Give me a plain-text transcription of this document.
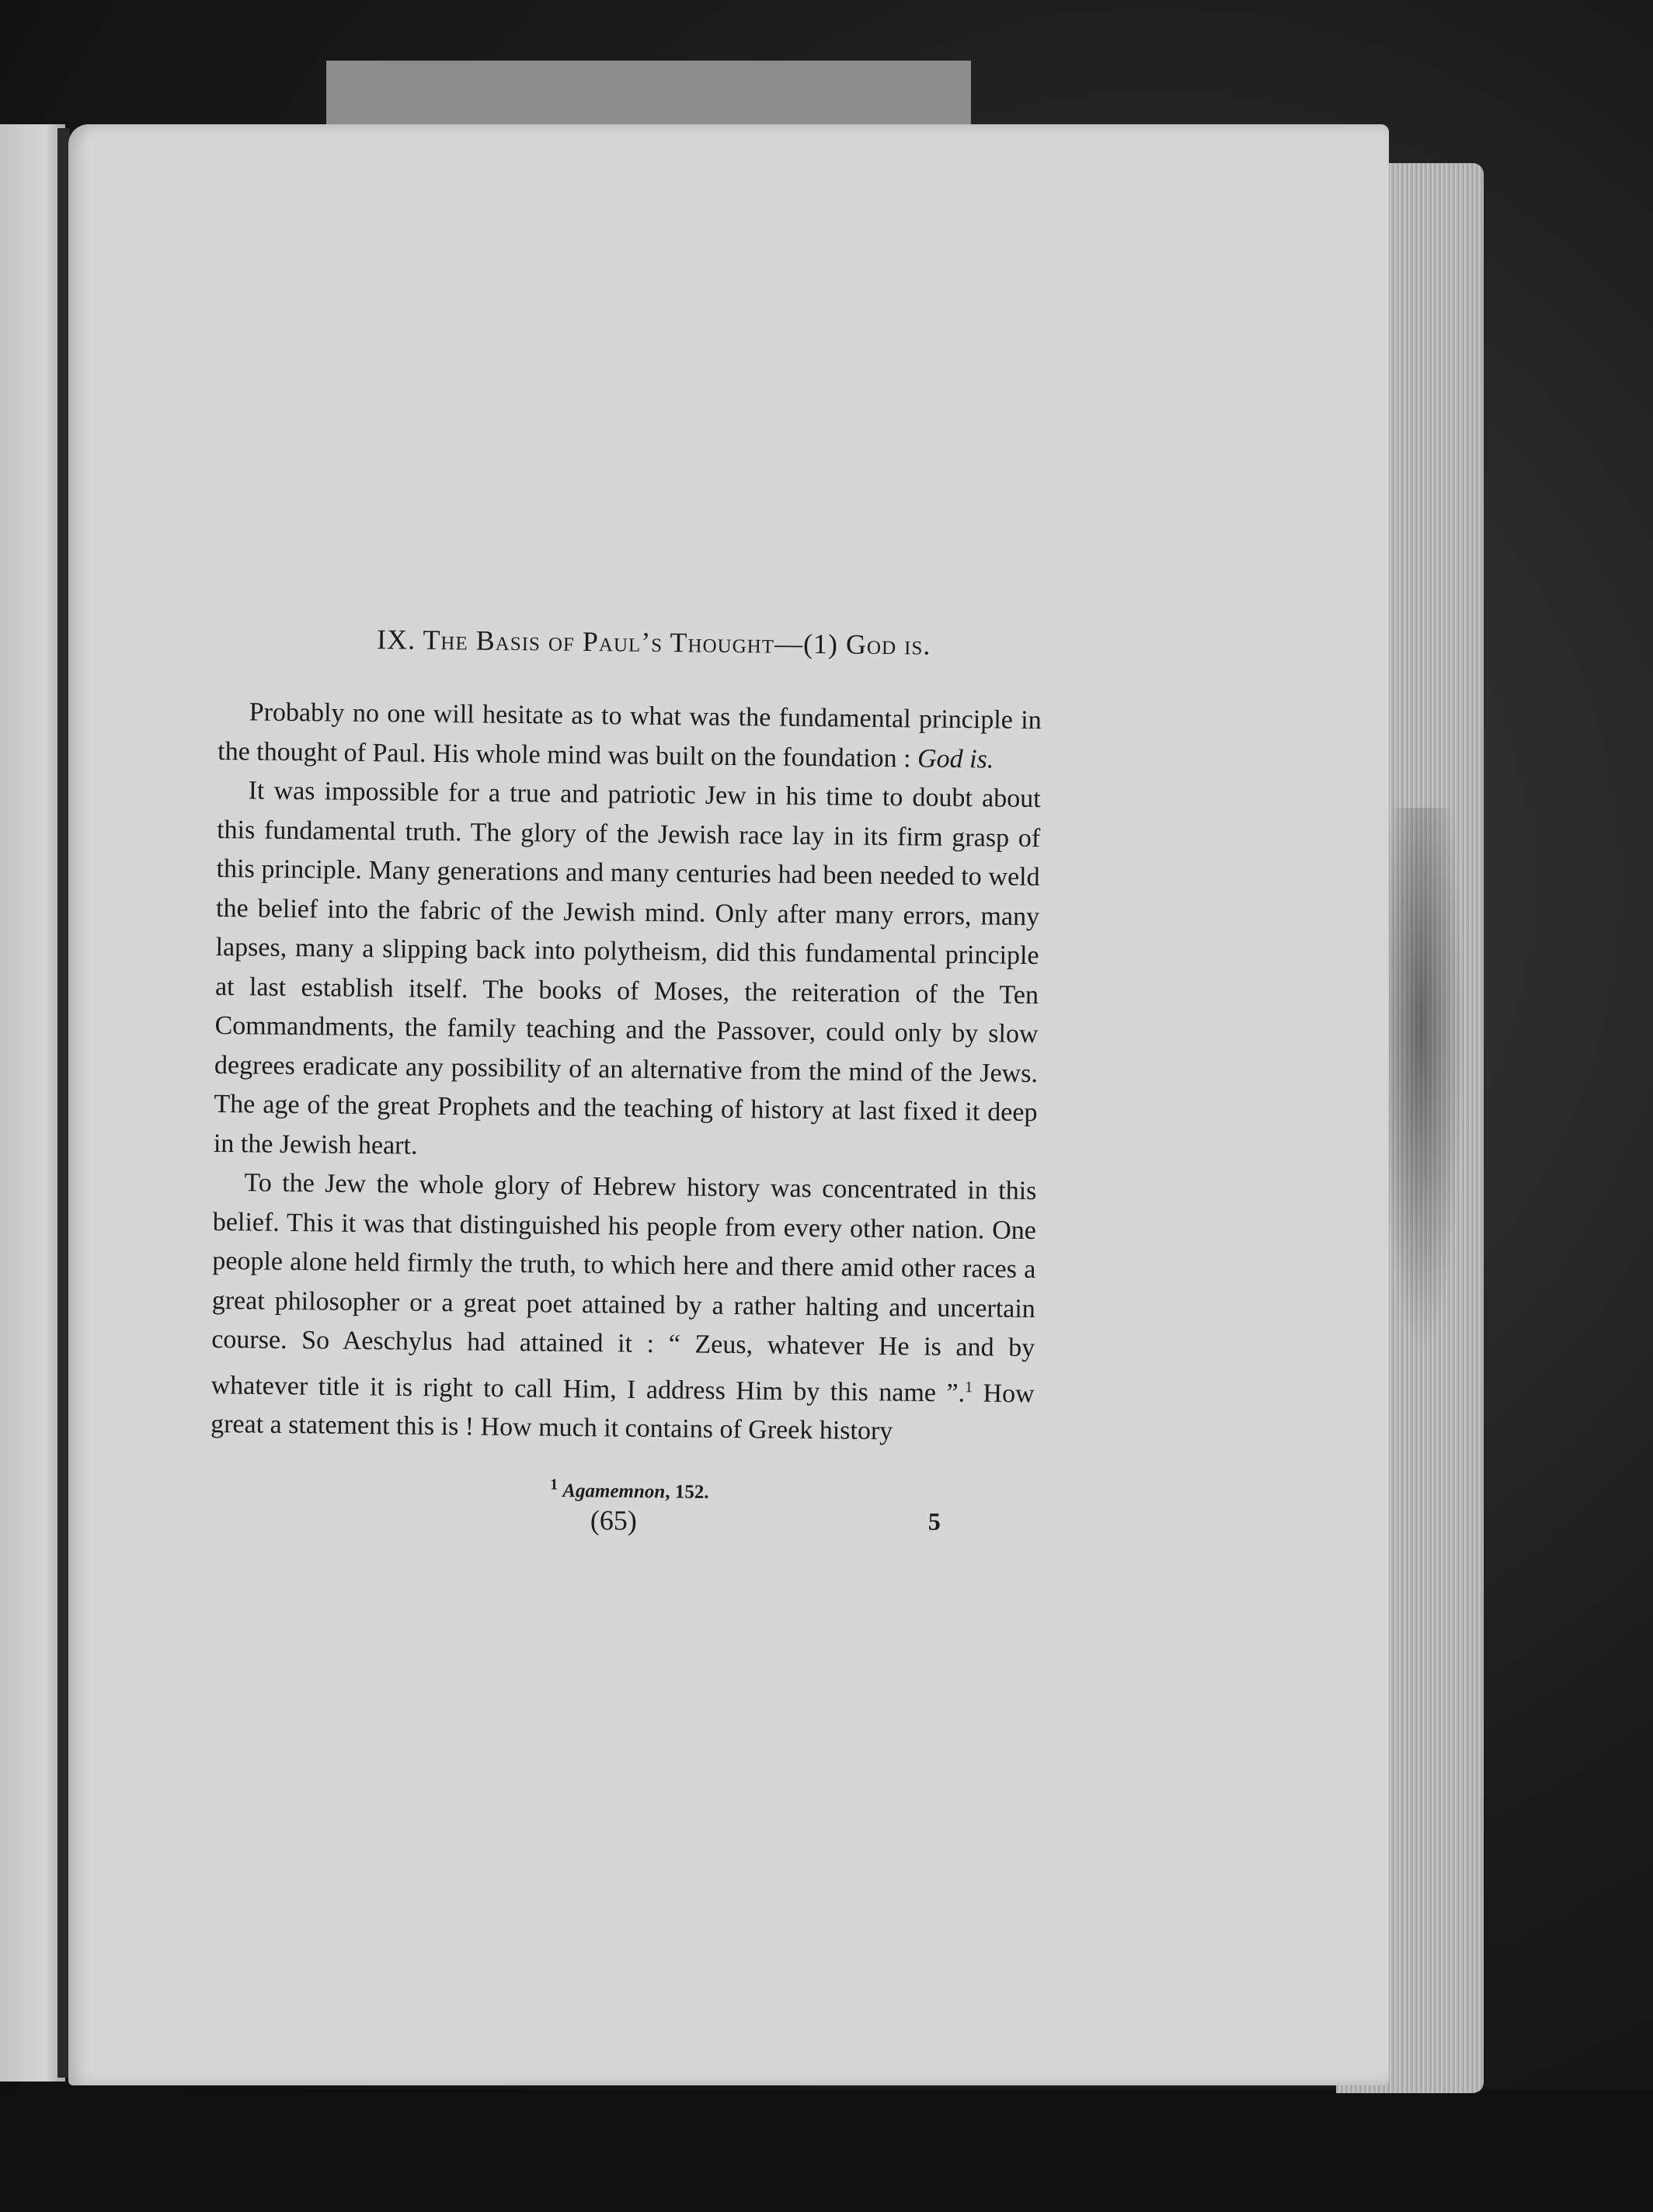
IX. The Basis of Paul’s Thought—(1) God is.

Probably no one will hesitate as to what was the fundamental principle in the thought of Paul. His whole mind was built on the foundation : God is.

It was impossible for a true and patriotic Jew in his time to doubt about this fundamental truth. The glory of the Jewish race lay in its firm grasp of this principle. Many generations and many centuries had been needed to weld the belief into the fabric of the Jewish mind. Only after many errors, many lapses, many a slipping back into polytheism, did this fundamental principle at last establish itself. The books of Moses, the reiteration of the Ten Commandments, the family teaching and the Passover, could only by slow degrees eradicate any possibility of an alternative from the mind of the Jews. The age of the great Prophets and the teaching of history at last fixed it deep in the Jewish heart.

To the Jew the whole glory of Hebrew history was concentrated in this belief. This it was that distinguished his people from every other nation. One people alone held firmly the truth, to which here and there amid other races a great philosopher or a great poet attained by a rather halting and uncertain course. So Aeschylus had attained it : “ Zeus, whatever He is and by whatever title it is right to call Him, I address Him by this name ”.$^1$ How great a statement this is ! How much it contains of Greek history

$^1$ Agamemnon, 152.

(65)	5
